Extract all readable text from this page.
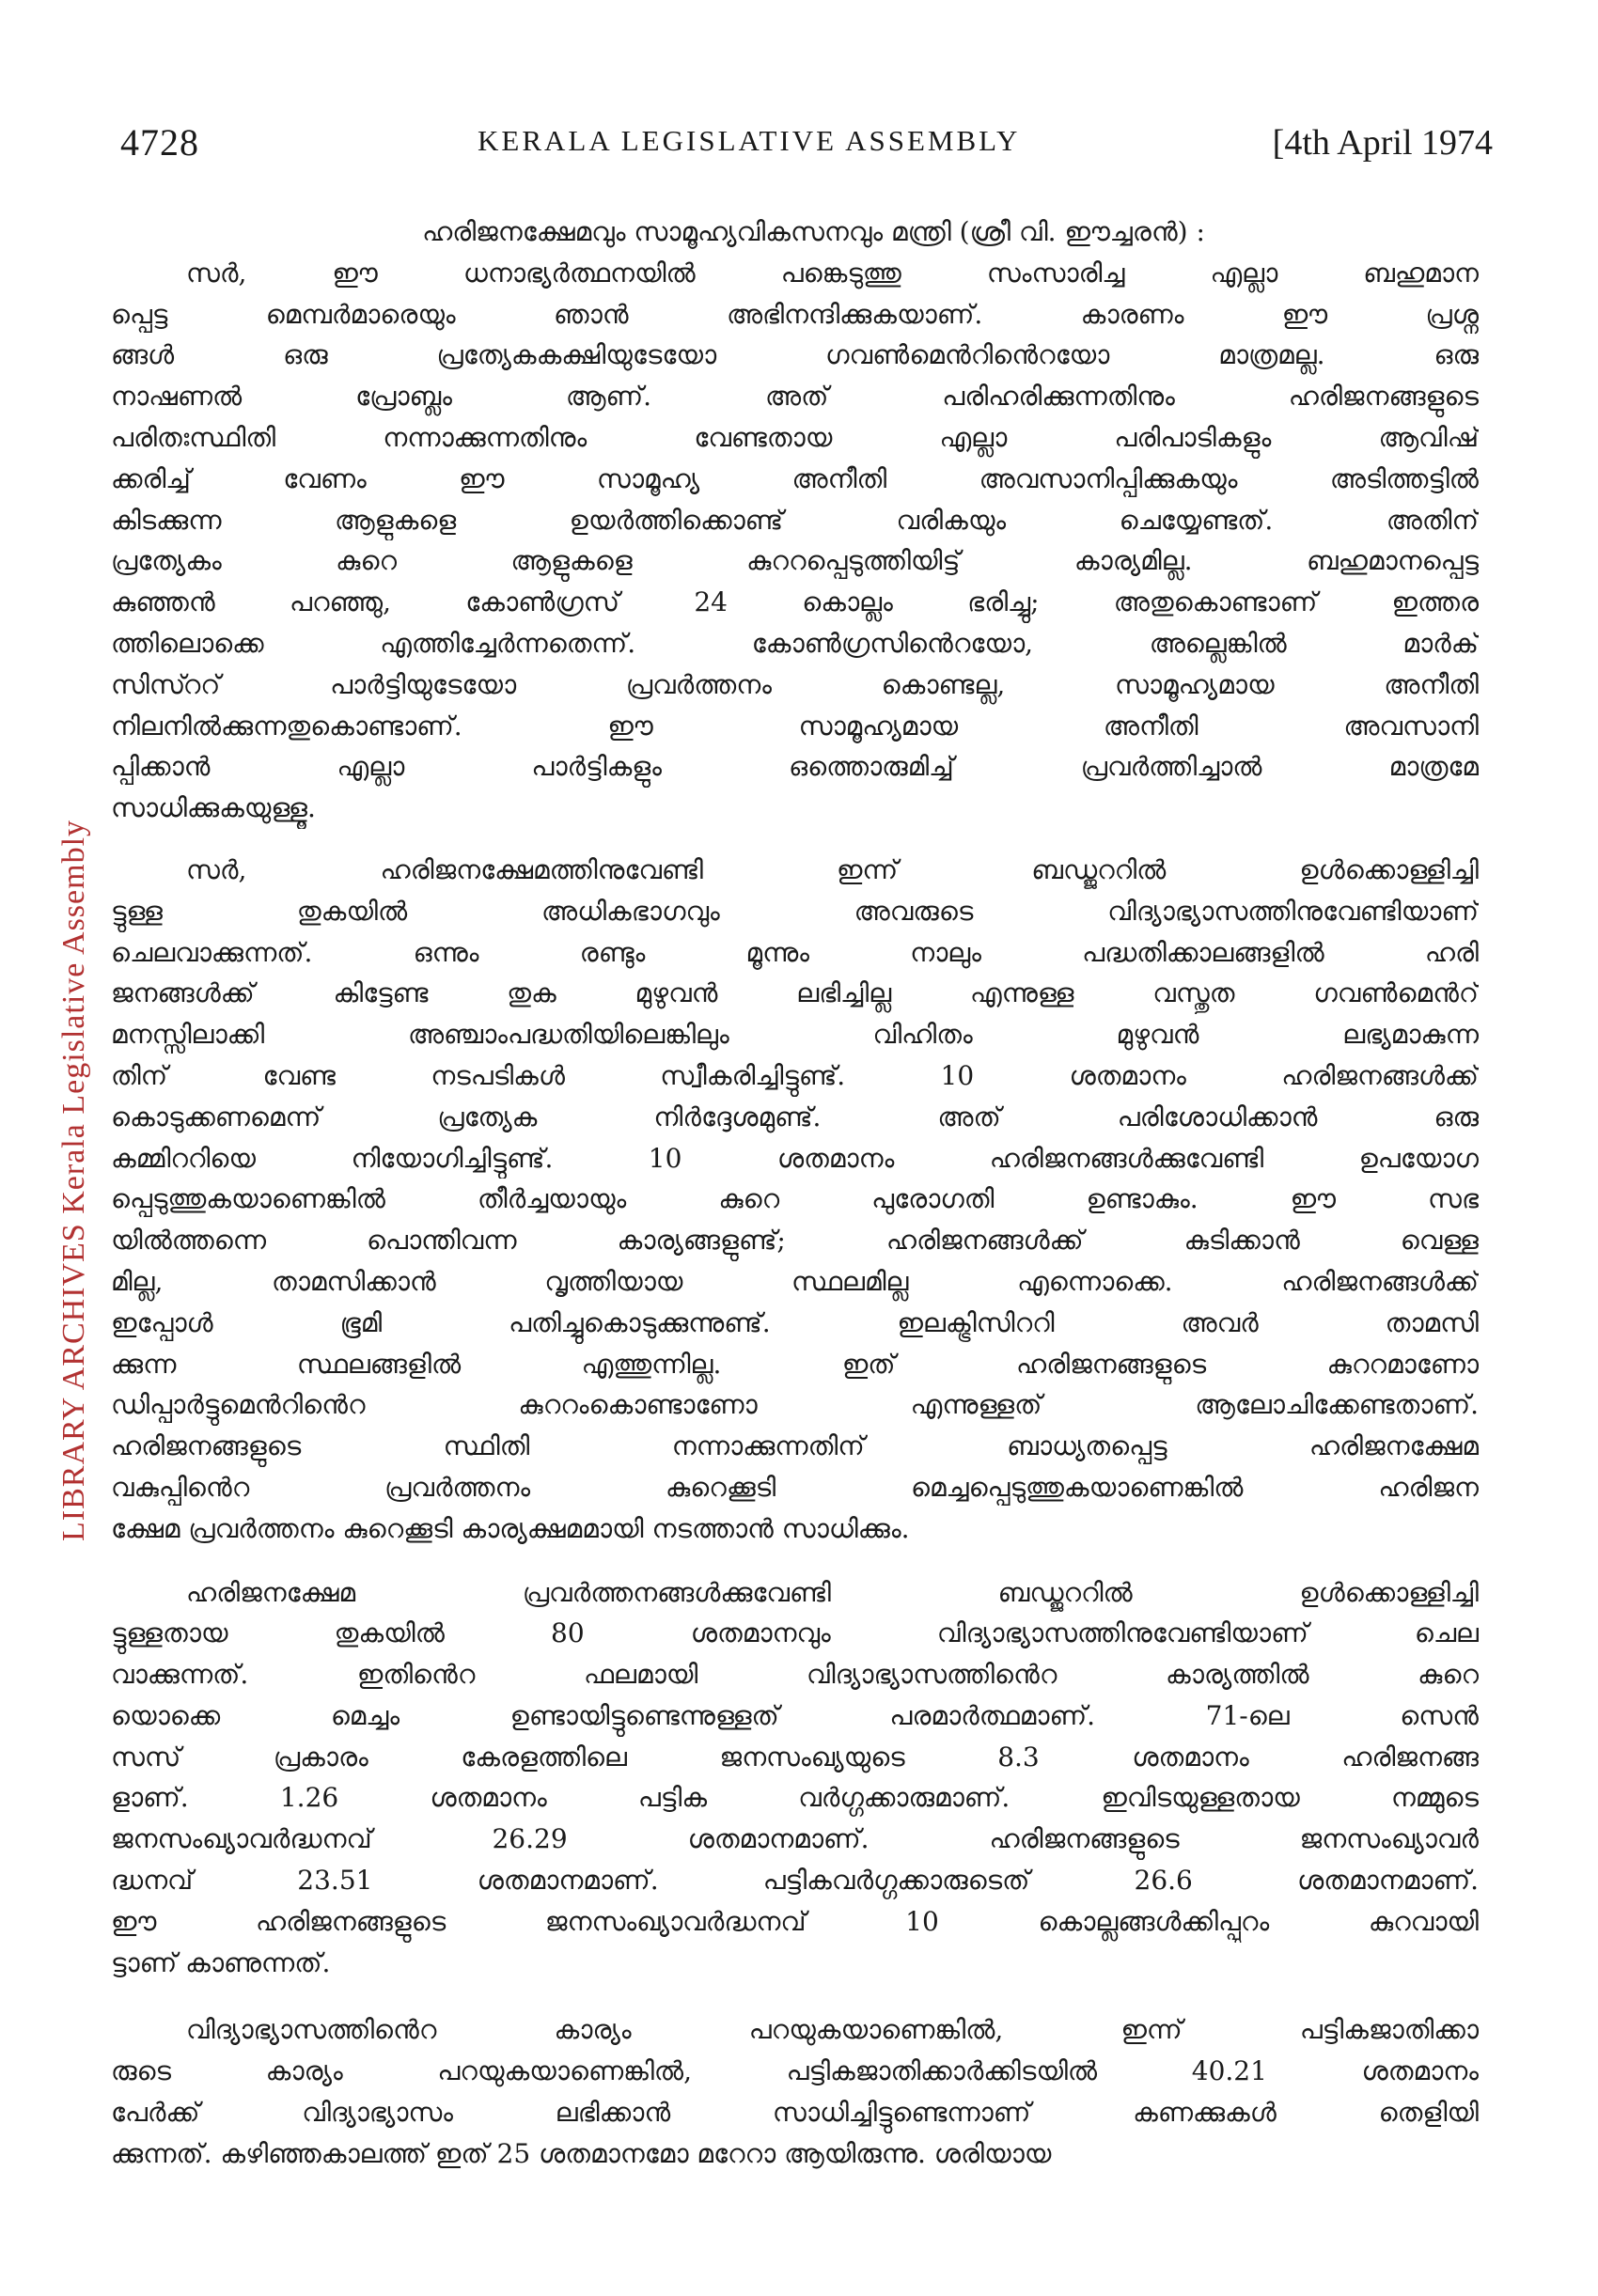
4728	KERALA LEGISLATIVE ASSEMBLY	[4th April 1974
LIBRARY ARCHIVES Kerala Legislative Assembly

ഹരിജനക്ഷേമവും സാമൂഹ്യവികസനവും മന്ത്രി (ശ്രീ വി. ഈച്ചരൻ) :

സർ, ഈ ധനാഭ്യർത്ഥനയിൽ പങ്കെടുത്തു സംസാരിച്ച എല്ലാ ബഹുമാന
പ്പെട്ട മെമ്പർമാരെയും ഞാൻ അഭിനന്ദിക്കുകയാണ്. കാരണം ഈ പ്രശ്ന
ങ്ങൾ ഒരു പ്രത്യേകകക്ഷിയുടേയോ ഗവൺമെൻറിൻെറയോ മാത്രമല്ല. ഒരു
നാഷണൽ പ്രോബ്ലം ആണ്. അത് പരിഹരിക്കുന്നതിനും ഹരിജനങ്ങളുടെ
പരിതഃസ്ഥിതി നന്നാക്കുന്നതിനും വേണ്ടതായ എല്ലാ പരിപാടികളും ആവിഷ്
ക്കരിച്ച് വേണം ഈ സാമൂഹ്യ അനീതി അവസാനിപ്പിക്കുകയും അടിത്തട്ടിൽ
കിടക്കുന്ന ആളുകളെ ഉയർത്തിക്കൊണ്ട് വരികയും ചെയ്യേണ്ടത്. അതിന്
പ്രത്യേകം കുറെ ആളുകളെ കുററപ്പെടുത്തിയിട്ട് കാര്യമില്ല. ബഹുമാനപ്പെട്ട
കുഞ്ഞൻ പറഞ്ഞു, കോൺഗ്രസ് 24 കൊല്ലം ഭരിച്ചു; അതുകൊണ്ടാണ് ഇത്തര
ത്തിലൊക്കെ എത്തിച്ചേർന്നതെന്ന്. കോൺഗ്രസിൻെറയോ, അല്ലെങ്കിൽ മാർക്
സിസ്ററ് പാർട്ടിയുടേയോ പ്രവർത്തനം കൊണ്ടല്ല, സാമൂഹ്യമായ അനീതി
നിലനിൽക്കുന്നതുകൊണ്ടാണ്. ഈ സാമൂഹ്യമായ അനീതി അവസാനി
പ്പിക്കാൻ എല്ലാ പാർട്ടികളും ഒത്തൊരുമിച്ച് പ്രവർത്തിച്ചാൽ മാത്രമേ
സാധിക്കുകയുള്ളൂ.
സർ, ഹരിജനക്ഷേമത്തിനുവേണ്ടി ഇന്ന് ബഡ്ജററിൽ ഉൾക്കൊള്ളിച്ചി
ട്ടുള്ള തുകയിൽ അധികഭാഗവും അവരുടെ വിദ്യാഭ്യാസത്തിനുവേണ്ടിയാണ്
ചെലവാക്കുന്നത്. ഒന്നും രണ്ടും മൂന്നും നാലും പദ്ധതിക്കാലങ്ങളിൽ ഹരി
ജനങ്ങൾക്ക് കിട്ടേണ്ട തുക മുഴുവൻ ലഭിച്ചില്ല എന്നുള്ള വസ്തുത ഗവൺമെൻറ്
മനസ്സിലാക്കി അഞ്ചാംപദ്ധതിയിലെങ്കിലും വിഹിതം മുഴുവൻ ലഭ്യമാകുന്ന
തിന് വേണ്ട നടപടികൾ സ്വീകരിച്ചിട്ടുണ്ട്. 10 ശതമാനം ഹരിജനങ്ങൾക്ക്
കൊടുക്കണമെന്ന് പ്രത്യേക നിർദ്ദേശമുണ്ട്. അത് പരിശോധിക്കാൻ ഒരു
കമ്മിററിയെ നിയോഗിച്ചിട്ടുണ്ട്. 10 ശതമാനം ഹരിജനങ്ങൾക്കുവേണ്ടി ഉപയോഗ
പ്പെടുത്തുകയാണെങ്കിൽ തീർച്ചയായും കുറെ പുരോഗതി ഉണ്ടാകും. ഈ സഭ
യിൽത്തന്നെ പൊന്തിവന്ന കാര്യങ്ങളുണ്ട്; ഹരിജനങ്ങൾക്ക് കുടിക്കാൻ വെള്ള
മില്ല, താമസിക്കാൻ വൃത്തിയായ സ്ഥലമില്ല എന്നൊക്കെ. ഹരിജനങ്ങൾക്ക്
ഇപ്പോൾ ഭൂമി പതിച്ചുകൊടുക്കുന്നുണ്ട്. ഇലക്ട്രിസിററി അവർ താമസി
ക്കുന്ന സ്ഥലങ്ങളിൽ എത്തുന്നില്ല. ഇത് ഹരിജനങ്ങളുടെ കുററമാണോ
ഡിപ്പാർട്ടുമെൻറിൻെറ കുററംകൊണ്ടാണോ എന്നുള്ളത് ആലോചിക്കേണ്ടതാണ്.
ഹരിജനങ്ങളുടെ സ്ഥിതി നന്നാക്കുന്നതിന് ബാധ്യതപ്പെട്ട ഹരിജനക്ഷേമ
വകുപ്പിൻെറ പ്രവർത്തനം കുറെക്കൂടി മെച്ചപ്പെടുത്തുകയാണെങ്കിൽ ഹരിജന
ക്ഷേമ പ്രവർത്തനം കുറെക്കൂടി കാര്യക്ഷമമായി നടത്താൻ സാധിക്കും.
ഹരിജനക്ഷേമ പ്രവർത്തനങ്ങൾക്കുവേണ്ടി ബഡ്ജററിൽ ഉൾക്കൊള്ളിച്ചി
ട്ടുള്ളതായ തുകയിൽ 80 ശതമാനവും വിദ്യാഭ്യാസത്തിനുവേണ്ടിയാണ് ചെല
വാക്കുന്നത്. ഇതിൻെറ ഫലമായി വിദ്യാഭ്യാസത്തിൻെറ കാര്യത്തിൽ കുറെ
യൊക്കെ മെച്ചം ഉണ്ടായിട്ടുണ്ടെന്നുള്ളത് പരമാർത്ഥമാണ്. 71-ലെ സെൻ
സസ് പ്രകാരം കേരളത്തിലെ ജനസംഖ്യയുടെ 8.3 ശതമാനം ഹരിജനങ്ങ
ളാണ്. 1.26 ശതമാനം പട്ടിക വർഗ്ഗക്കാരുമാണ്. ഇവിടയുള്ളതായ നമ്മുടെ
ജനസംഖ്യാവർദ്ധനവ് 26.29 ശതമാനമാണ്. ഹരിജനങ്ങളുടെ ജനസംഖ്യാവർ
ദ്ധനവ് 23.51 ശതമാനമാണ്. പട്ടികവർഗ്ഗക്കാരുടെത് 26.6 ശതമാനമാണ്.
ഈ ഹരിജനങ്ങളുടെ ജനസംഖ്യാവർദ്ധനവ് 10 കൊല്ലങ്ങൾക്കിപ്പുറം കുറവായി
ട്ടാണ് കാണുന്നത്.
വിദ്യാഭ്യാസത്തിൻെറ കാര്യം പറയുകയാണെങ്കിൽ, ഇന്ന് പട്ടികജാതിക്കാ
രുടെ കാര്യം പറയുകയാണെങ്കിൽ, പട്ടികജാതിക്കാർക്കിടയിൽ 40.21 ശതമാനം
പേർക്ക് വിദ്യാഭ്യാസം ലഭിക്കാൻ സാധിച്ചിട്ടുണ്ടെന്നാണ് കണക്കുകൾ തെളിയി
ക്കുന്നത്. കഴിഞ്ഞകാലത്ത് ഇത് 25 ശതമാനമോ മറേറാ ആയിരുന്നു. ശരിയായ
